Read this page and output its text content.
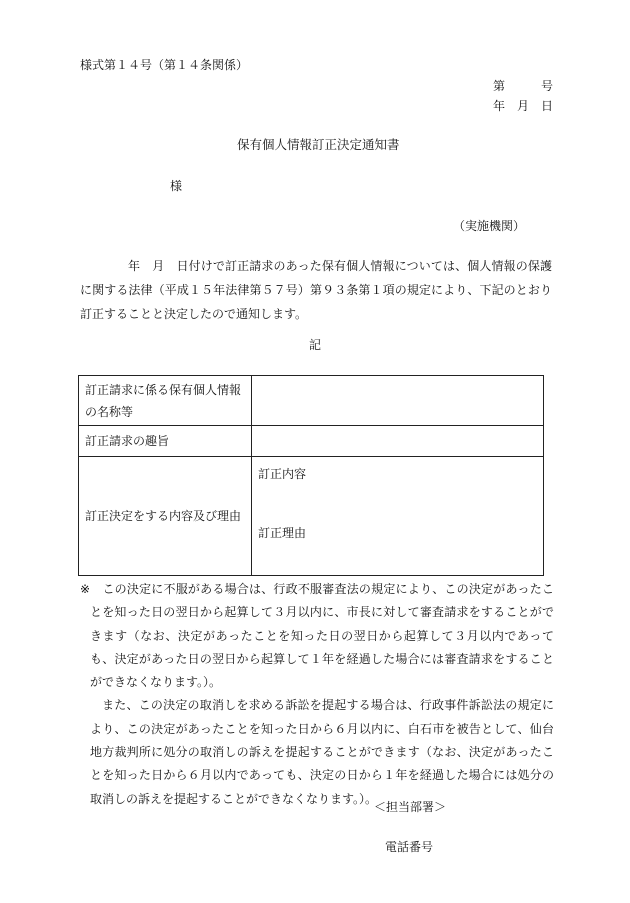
様式第１４号（第１４条関係）
第　　　号
年　月　日
保有個人情報訂正決定通知書
様
（実施機関）
年　月　日付けで訂正請求のあった保有個人情報については、個人情報の保護に関する法律（平成１５年法律第５７号）第９３条第１項の規定により、下記のとおり訂正することと決定したので通知します。
記
訂正請求に係る保有個人情報の名称等	
訂正請求の趣旨	
訂正決定をする内容及び理由	訂正内容
訂正理由
※　 この決定に不服がある場合は、行政不服審査法の規定により、この決定があったことを知った日の翌日から起算して３月以内に、市長に対して審査請求をすることができます（なお、決定があったことを知った日の翌日から起算して３月以内であっても、決定があった日の翌日から起算して１年を経過した場合には審査請求をすることができなくなります。）。
また、この決定の取消しを求める訴訟を提起する場合は、行政事件訴訟法の規定により、この決定があったことを知った日から６月以内に、白石市を被告として、仙台地方裁判所に処分の取消しの訴えを提起することができます（なお、決定があったことを知った日から６月以内であっても、決定の日から１年を経過した場合には処分の取消しの訴えを提起することができなくなります。）。
＜担当部署＞
電話番号
